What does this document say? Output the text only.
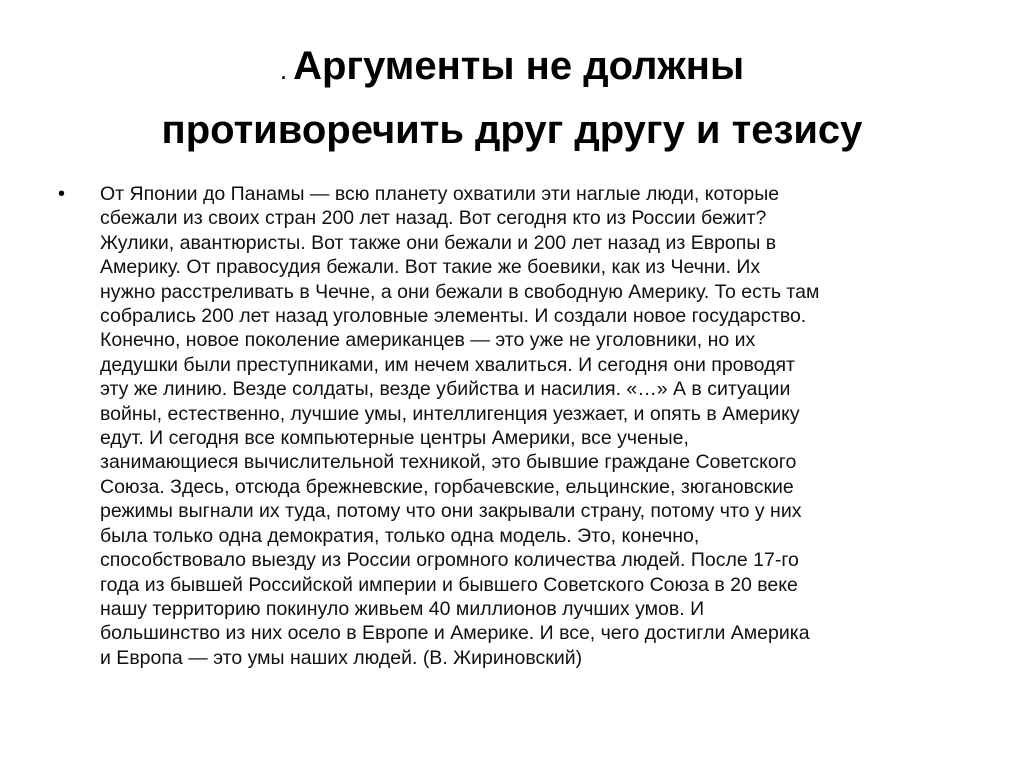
. Аргументы не должны
противоречить друг другу и тезису
•	От Японии до Панамы — всю планету охватили эти наглые люди, которые
сбежали из своих стран 200 лет назад. Вот сегодня кто из России бежит?
Жулики, авантюристы. Вот также они бежали и 200 лет назад из Европы в
Америку. От правосудия бежали. Вот такие же боевики, как из Чечни. Их
нужно расстреливать в Чечне, а они бежали в свободную Америку. То есть там
собрались 200 лет назад уголовные элементы. И создали новое государство.
Конечно, новое поколение американцев — это уже не уголовники, но их
дедушки были преступниками, им нечем хвалиться. И сегодня они проводят
эту же линию. Везде солдаты, везде убийства и насилия. «…» А в ситуации
войны, естественно, лучшие умы, интеллигенция уезжает, и опять в Америку
едут. И сегодня все компьютерные центры Америки, все ученые,
занимающиеся вычислительной техникой, это бывшие граждане Советского
Союза. Здесь, отсюда брежневские, горбачевские, ельцинские, зюгановские
режимы выгнали их туда, потому что они закрывали страну, потому что у них
была только одна демократия, только одна модель. Это, конечно,
способствовало выезду из России огромного количества людей. После 17-го
года из бывшей Российской империи и бывшего Советского Союза в 20 веке
нашу территорию покинуло живьем 40 миллионов лучших умов. И
большинство из них осело в Европе и Америке. И все, чего достигли Америка
и Европа — это умы наших людей. (В. Жириновский)
